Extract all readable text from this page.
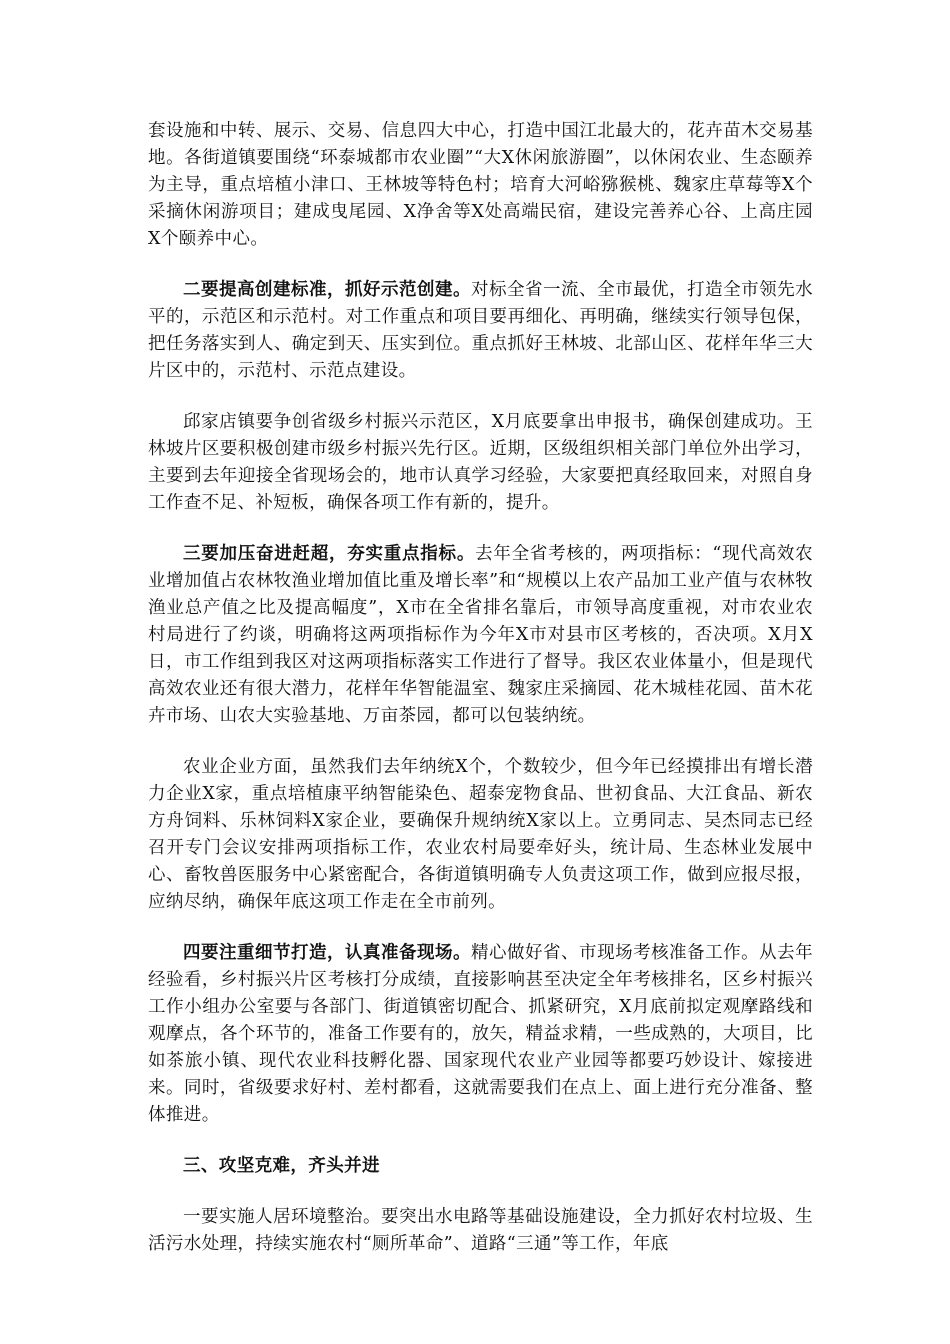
套设施和中转、展示、交易、信息四大中心，打造中国江北最大的，花卉苗木交易基地。各街道镇要围绕“环泰城都市农业圈”“大X休闲旅游圈”，以休闲农业、生态颐养为主导，重点培植小津口、王林坡等特色村；培育大河峪猕猴桃、魏家庄草莓等X个采摘休闲游项目；建成曳尾园、X净舍等X处高端民宿，建设完善养心谷、上高庄园X个颐养中心。

二要提高创建标准，抓好示范创建。对标全省一流、全市最优，打造全市领先水平的，示范区和示范村。对工作重点和项目要再细化、再明确，继续实行领导包保，把任务落实到人、确定到天、压实到位。重点抓好王林坡、北部山区、花样年华三大片区中的，示范村、示范点建设。

邱家店镇要争创省级乡村振兴示范区，X月底要拿出申报书，确保创建成功。王林坡片区要积极创建市级乡村振兴先行区。近期，区级组织相关部门单位外出学习，主要到去年迎接全省现场会的，地市认真学习经验，大家要把真经取回来，对照自身工作查不足、补短板，确保各项工作有新的，提升。

三要加压奋进赶超，夯实重点指标。去年全省考核的，两项指标：“现代高效农业增加值占农林牧渔业增加值比重及增长率”和“规模以上农产品加工业产值与农林牧渔业总产值之比及提高幅度”，X市在全省排名靠后，市领导高度重视，对市农业农村局进行了约谈，明确将这两项指标作为今年X市对县市区考核的，否决项。X月X日，市工作组到我区对这两项指标落实工作进行了督导。我区农业体量小，但是现代高效农业还有很大潜力，花样年华智能温室、魏家庄采摘园、花木城桂花园、苗木花卉市场、山农大实验基地、万亩茶园，都可以包装纳统。

农业企业方面，虽然我们去年纳统X个，个数较少，但今年已经摸排出有增长潜力企业X家，重点培植康平纳智能染色、超泰宠物食品、世初食品、大江食品、新农方舟饲料、乐林饲料X家企业，要确保升规纳统X家以上。立勇同志、吴杰同志已经召开专门会议安排两项指标工作，农业农村局要牵好头，统计局、生态林业发展中心、畜牧兽医服务中心紧密配合，各街道镇明确专人负责这项工作，做到应报尽报，应纳尽纳，确保年底这项工作走在全市前列。

四要注重细节打造，认真准备现场。精心做好省、市现场考核准备工作。从去年经验看，乡村振兴片区考核打分成绩，直接影响甚至决定全年考核排名，区乡村振兴工作小组办公室要与各部门、街道镇密切配合、抓紧研究，X月底前拟定观摩路线和观摩点，各个环节的，准备工作要有的，放矢，精益求精，一些成熟的，大项目，比如茶旅小镇、现代农业科技孵化器、国家现代农业产业园等都要巧妙设计、嫁接进来。同时，省级要求好村、差村都看，这就需要我们在点上、面上进行充分准备、整体推进。

三、攻坚克难，齐头并进

一要实施人居环境整治。要突出水电路等基础设施建设，全力抓好农村垃圾、生活污水处理，持续实施农村“厕所革命”、道路“三通”等工作，年底
